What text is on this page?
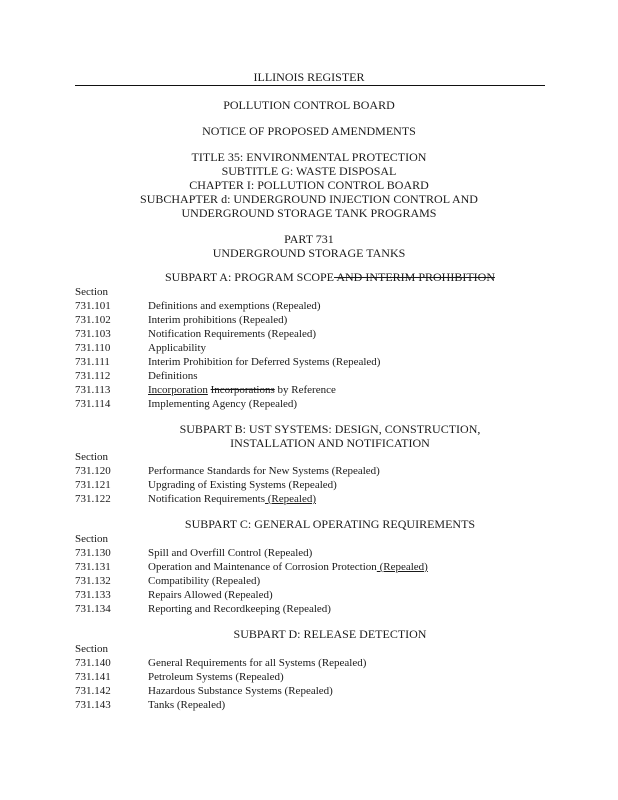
ILLINOIS REGISTER
POLLUTION CONTROL BOARD
NOTICE OF PROPOSED AMENDMENTS
TITLE 35: ENVIRONMENTAL PROTECTION
SUBTITLE G: WASTE DISPOSAL
CHAPTER I: POLLUTION CONTROL BOARD
SUBCHAPTER d: UNDERGROUND INJECTION CONTROL AND
UNDERGROUND STORAGE TANK PROGRAMS
PART 731
UNDERGROUND STORAGE TANKS
SUBPART A: PROGRAM SCOPE AND INTERIM PROHIBITION
Section
731.101	Definitions and exemptions (Repealed)
731.102	Interim prohibitions (Repealed)
731.103	Notification Requirements (Repealed)
731.110	Applicability
731.111	Interim Prohibition for Deferred Systems (Repealed)
731.112	Definitions
731.113	Incorporation Incorporations by Reference
731.114	Implementing Agency (Repealed)
SUBPART B: UST SYSTEMS: DESIGN, CONSTRUCTION,
INSTALLATION AND NOTIFICATION
Section
731.120	Performance Standards for New Systems (Repealed)
731.121	Upgrading of Existing Systems (Repealed)
731.122	Notification Requirements (Repealed)
SUBPART C: GENERAL OPERATING REQUIREMENTS
Section
731.130	Spill and Overfill Control (Repealed)
731.131	Operation and Maintenance of Corrosion Protection (Repealed)
731.132	Compatibility (Repealed)
731.133	Repairs Allowed (Repealed)
731.134	Reporting and Recordkeeping (Repealed)
SUBPART D: RELEASE DETECTION
Section
731.140	General Requirements for all Systems (Repealed)
731.141	Petroleum Systems (Repealed)
731.142	Hazardous Substance Systems (Repealed)
731.143	Tanks (Repealed)
